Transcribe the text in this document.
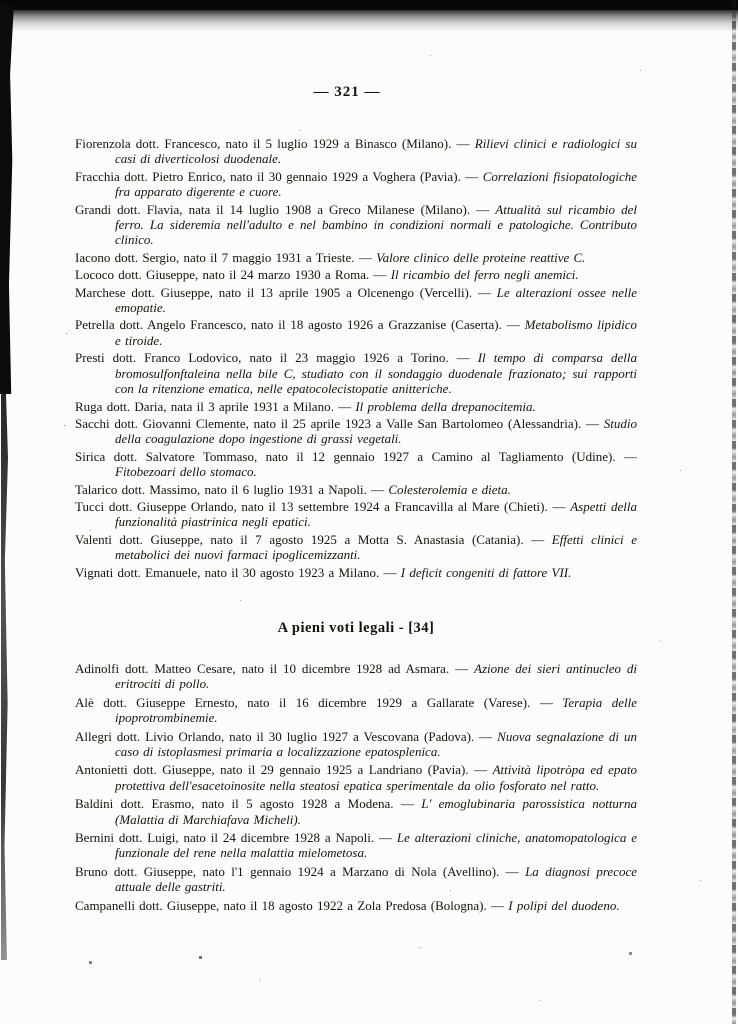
— 321 —

Fiorenzola dott. Francesco, nato il 5 luglio 1929 a Binasco (Milano). — Rilievi clinici e radiologici su casi di diverticolosi duodenale.

Fracchia dott. Pietro Enrico, nato il 30 gennaio 1929 a Voghera (Pavia). — Correlazioni fisiopatologiche fra apparato digerente e cuore.

Grandi dott. Flavia, nata il 14 luglio 1908 a Greco Milanese (Milano). — Attualità sul ricambio del ferro. La sideremia nell'adulto e nel bambino in condizioni normali e patologiche. Contributo clinico.

Iacono dott. Sergio, nato il 7 maggio 1931 a Trieste. — Valore clinico delle proteine reattive C.

Lococo dott. Giuseppe, nato il 24 marzo 1930 a Roma. — Il ricambio del ferro negli anemici.

Marchese dott. Giuseppe, nato il 13 aprile 1905 a Olcenengo (Vercelli). — Le alterazioni ossee nelle emopatie.

Petrella dott. Angelo Francesco, nato il 18 agosto 1926 a Grazzanise (Caserta). — Metabolismo lipidico e tiroide.

Presti dott. Franco Lodovico, nato il 23 maggio 1926 a Torino. — Il tempo di comparsa della bromosulfonftaleina nella bile C, studiato con il sondaggio duodenale frazionato; sui rapporti con la ritenzione ematica, nelle epatocolecistopatie anitteriche.

Ruga dott. Daria, nata il 3 aprile 1931 a Milano. — Il problema della drepanocitemia.

Sacchi dott. Giovanni Clemente, nato il 25 aprile 1923 a Valle San Bartolomeo (Alessandria). — Studio della coagulazione dopo ingestione di grassi vegetali.

Sirica dott. Salvatore Tommaso, nato il 12 gennaio 1927 a Camino al Tagliamento (Udine). — Fitobezoari dello stomaco.

Talarico dott. Massimo, nato il 6 luglio 1931 a Napoli. — Colesterolemia e dieta.

Tucci dott. Giuseppe Orlando, nato il 13 settembre 1924 a Francavilla al Mare (Chieti). — Aspetti della funzionalità piastrinica negli epatici.

Valenti dott. Giuseppe, nato il 7 agosto 1925 a Motta S. Anastasia (Catania). — Effetti clinici e metabolici dei nuovi farmaci ipoglicemizzanti.

Vignati dott. Emanuele, nato il 30 agosto 1923 a Milano. — I deficit congeniti di fattore VII.

A pieni voti legali - [34]

Adinolfi dott. Matteo Cesare, nato il 10 dicembre 1928 ad Asmara. — Azione dei sieri antinucleo di eritrociti di pollo.

Alè dott. Giuseppe Ernesto, nato il 16 dicembre 1929 a Gallarate (Varese). — Terapia delle ipoprotrombinemie.

Allegri dott. Livio Orlando, nato il 30 luglio 1927 a Vescovana (Padova). — Nuova segnalazione di un caso di istoplasmesi primaria a localizzazione epatosplenica.

Antonietti dott. Giuseppe, nato il 29 gennaio 1925 a Landriano (Pavia). — Attività lipotròpa ed epato protettiva dell'esacetoinosite nella steatosi epatica sperimentale da olio fosforato nel ratto.

Baldini dott. Erasmo, nato il 5 agosto 1928 a Modena. — L' emoglubinaria parossistica notturna (Malattia di Marchiafava Micheli).

Bernini dott. Luigi, nato il 24 dicembre 1928 a Napoli. — Le alterazioni cliniche, anatomopatologica e funzionale del rene nella malattia mielometosa.

Bruno dott. Giuseppe, nato l'1 gennaio 1924 a Marzano di Nola (Avellino). — La diagnosi precoce attuale delle gastriti.

Campanelli dott. Giuseppe, nato il 18 agosto 1922 a Zola Predosa (Bologna). — I polipi del duodeno.
